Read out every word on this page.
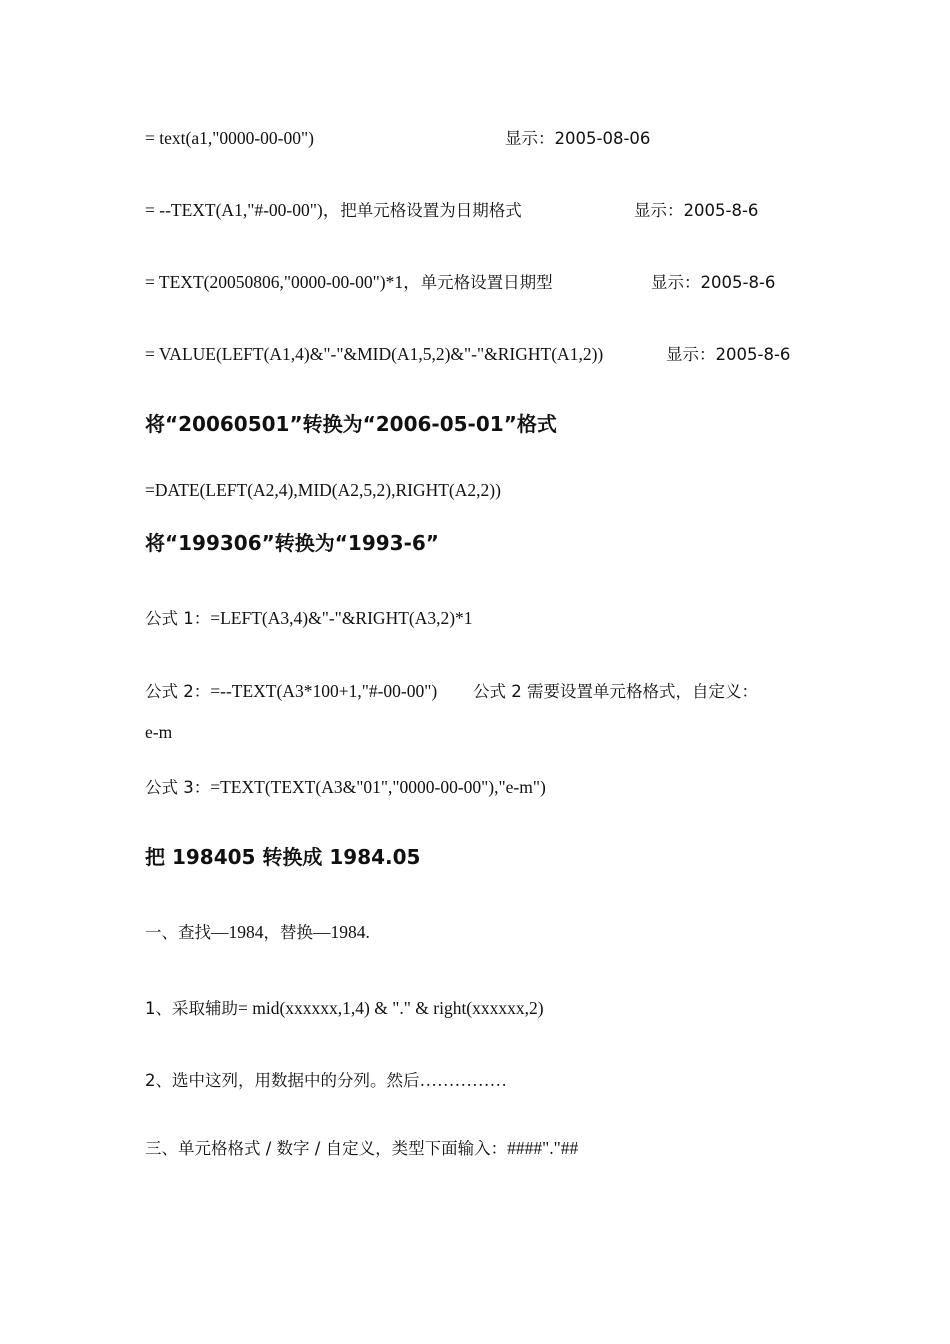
= text(a1,"0000-00-00")	显示：2005-08-06
= --TEXT(A1,"#-00-00")，把单元格设置为日期格式	显示：2005-8-6
= TEXT(20050806,"0000-00-00")*1，单元格设置日期型	显示：2005-8-6
= VALUE(LEFT(A1,4)&"-"&MID(A1,5,2)&"-"&RIGHT(A1,2))	显示：2005-8-6
将“20060501”转换为“2006-05-01”格式
=DATE(LEFT(A2,4),MID(A2,5,2),RIGHT(A2,2))
将“199306”转换为“1993-6”
公式 1：=LEFT(A3,4)&"-"&RIGHT(A3,2)*1
公式 2：=--TEXT(A3*100+1,"#-00-00") 公式 2 需要设置单元格格式，自定义：
e-m
公式 3：=TEXT(TEXT(A3&"01","0000-00-00"),"e-m")
把 198405 转换成 1984.05
一、查找—1984，替换—1984.
1、采取辅助= mid(xxxxxx,1,4) & "." & right(xxxxxx,2)
2、选中这列，用数据中的分列。然后……………
三、单元格格式 / 数字 / 自定义，类型下面输入：####"."##
